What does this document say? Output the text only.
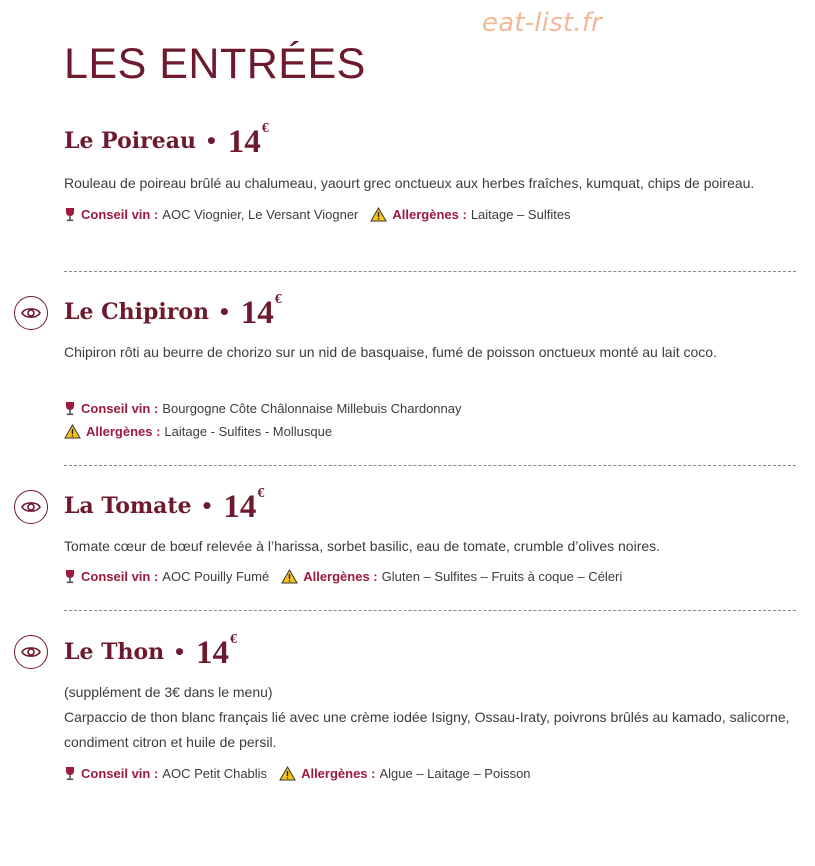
eat-list.fr
LES ENTRÉES
Le Poireau • 14 €

Rouleau de poireau brûlé au chalumeau, yaourt grec onctueux aux herbes fraîches, kumquat, chips de poireau.

Conseil vin : AOC Viognier, Le Versant Viogner	Allergènes : Laitage – Sulfites
Le Chipiron • 14 €

Chipiron rôti au beurre de chorizo sur un nid de basquaise, fumé de poisson onctueux monté au lait coco.

Conseil vin : Bourgogne Côte Châlonnaise Millebuis Chardonnay
Allergènes : Laitage - Sulfites - Mollusque
La Tomate • 14 €

Tomate cœur de bœuf relevée à l’harissa, sorbet basilic, eau de tomate, crumble d’olives noires.

Conseil vin : AOC Pouilly Fumé	Allergènes : Gluten – Sulfites – Fruits à coque – Céleri
Le Thon • 14 €

(supplément de 3€ dans le menu)

Carpaccio de thon blanc français lié avec une crème iodée Isigny, Ossau-Iraty, poivrons brûlés au kamado, salicorne, condiment citron et huile de persil.

Conseil vin : AOC Petit Chablis	Allergènes : Algue – Laitage – Poisson
